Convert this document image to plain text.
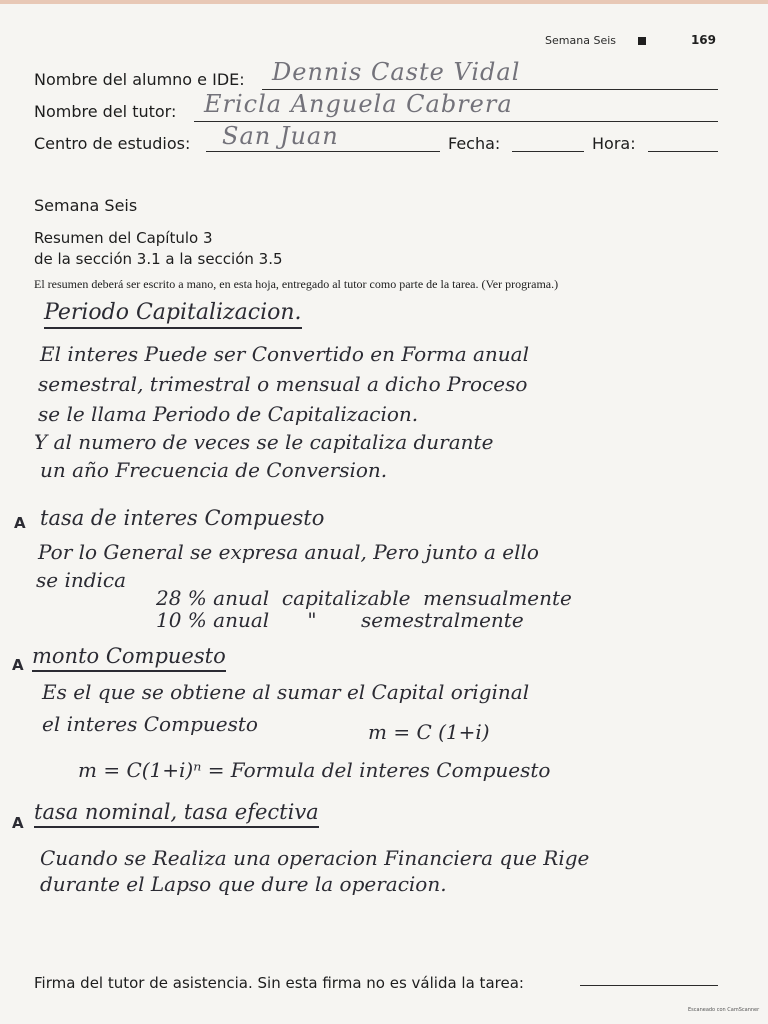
Semana Seis	169
Nombre del alumno e IDE: Dennis Caste Vidal
Nombre del tutor: Ericla Anguela Cabrera
Centro de estudios: San Juan	Fecha:	Hora:
Semana Seis
Resumen del Capítulo 3
de la sección 3.1 a la sección 3.5
El resumen deberá ser escrito a mano, en esta hoja, entregado al tutor como parte de la tarea. (Ver programa.)
Periodo Capitalizacion.
El interes Puede ser Convertido en Forma anual
semestral, trimestral o mensual a dicho Proceso
se le llama Periodo de Capitalizacion.
Y al numero de veces se le capitaliza durante
un año Frecuencia de Conversion.
A tasa de interes Compuesto
Por lo General se expresa anual, Pero junto a ello
se indica
28 % anual  capitalizable  mensualmente
10 % anual      "       semestralmente
A monto Compuesto
Es el que se obtiene al sumar el Capital original
el interes Compuesto	m = C (1+i)
m = C(1+i)ⁿ = Formula del interes Compuesto
A tasa nominal, tasa efectiva
Cuando se Realiza una operacion Financiera que Rige
durante el Lapso que dure la operacion.
Firma del tutor de asistencia. Sin esta firma no es válida la tarea:
Escaneado con CamScanner
